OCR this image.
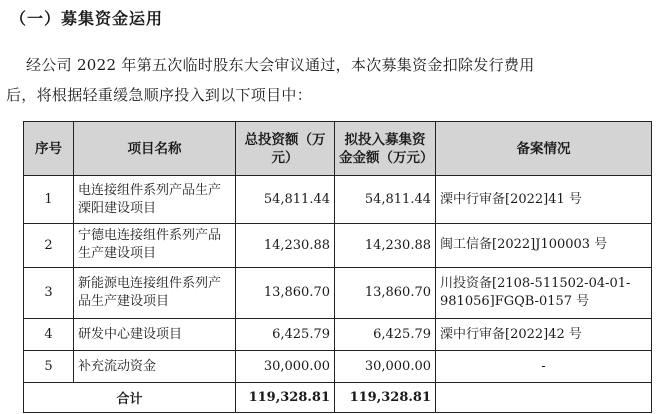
（一）募集资金运用
经公司 2022 年第五次临时股东大会审议通过，本次募集资金扣除发行费用
后，将根据轻重缓急顺序投入到以下项目中：
序号	项目名称	总投资额（万元）	拟投入募集资金金额（万元）	备案情况
1	电连接组件系列产品生产溧阳建设项目	54,811.44	54,811.44	溧中行审备[2022]41 号
2	宁德电连接组件系列产品生产建设项目	14,230.88	14,230.88	闽工信备[2022]J100003 号
3	新能源电连接组件系列产品生产建设项目	13,860.70	13,860.70	川投资备[2108-511502-04-01-981056]FGQB-0157 号
4	研发中心建设项目	6,425.79	6,425.79	溧中行审备[2022]42 号
5	补充流动资金	30,000.00	30,000.00	-
合计		119,328.81	119,328.81	
